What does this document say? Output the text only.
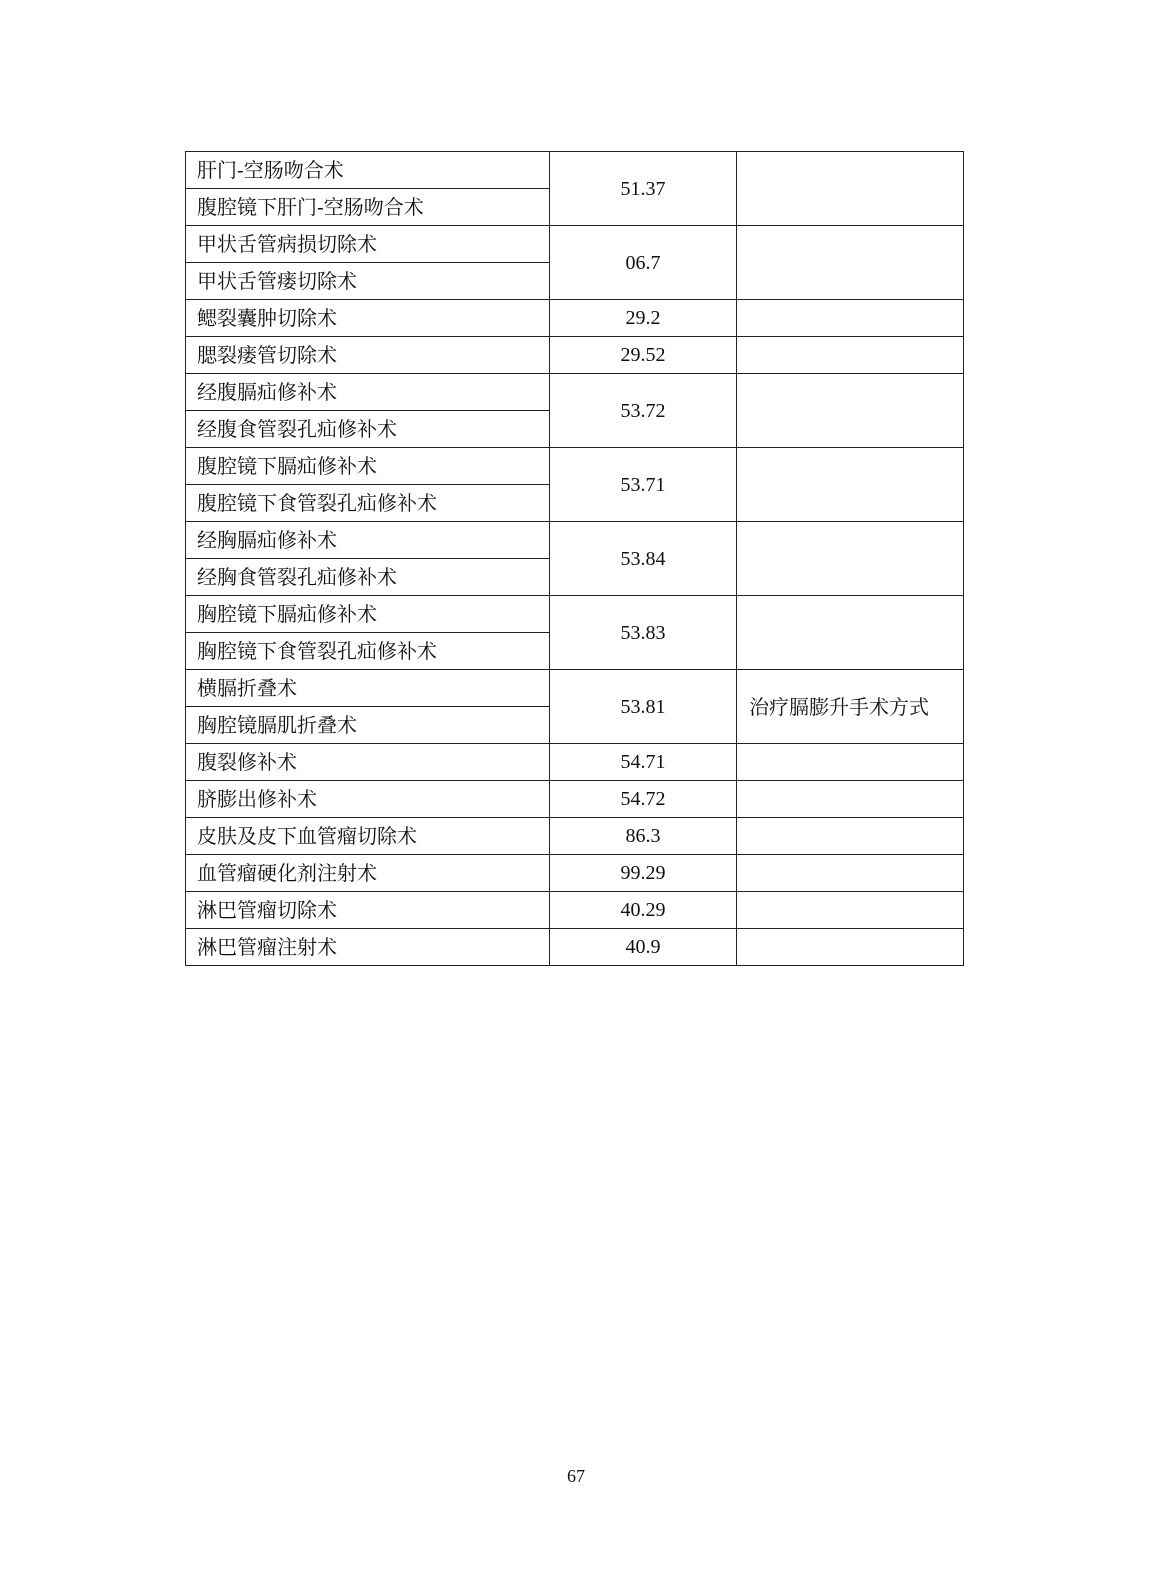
肝门-空肠吻合术	51.37	
腹腔镜下肝门-空肠吻合术		
甲状舌管病损切除术	06.7	
甲状舌管瘘切除术		
鳃裂囊肿切除术	29.2	
腮裂瘘管切除术	29.52	
经腹膈疝修补术	53.72	
经腹食管裂孔疝修补术		
腹腔镜下膈疝修补术	53.71	
腹腔镜下食管裂孔疝修补术		
经胸膈疝修补术	53.84	
经胸食管裂孔疝修补术		
胸腔镜下膈疝修补术	53.83	
胸腔镜下食管裂孔疝修补术		
横膈折叠术	53.81	治疗膈膨升手术方式
胸腔镜膈肌折叠术		
腹裂修补术	54.71	
脐膨出修补术	54.72	
皮肤及皮下血管瘤切除术	86.3	
血管瘤硬化剂注射术	99.29	
淋巴管瘤切除术	40.29	
淋巴管瘤注射术	40.9	
67
